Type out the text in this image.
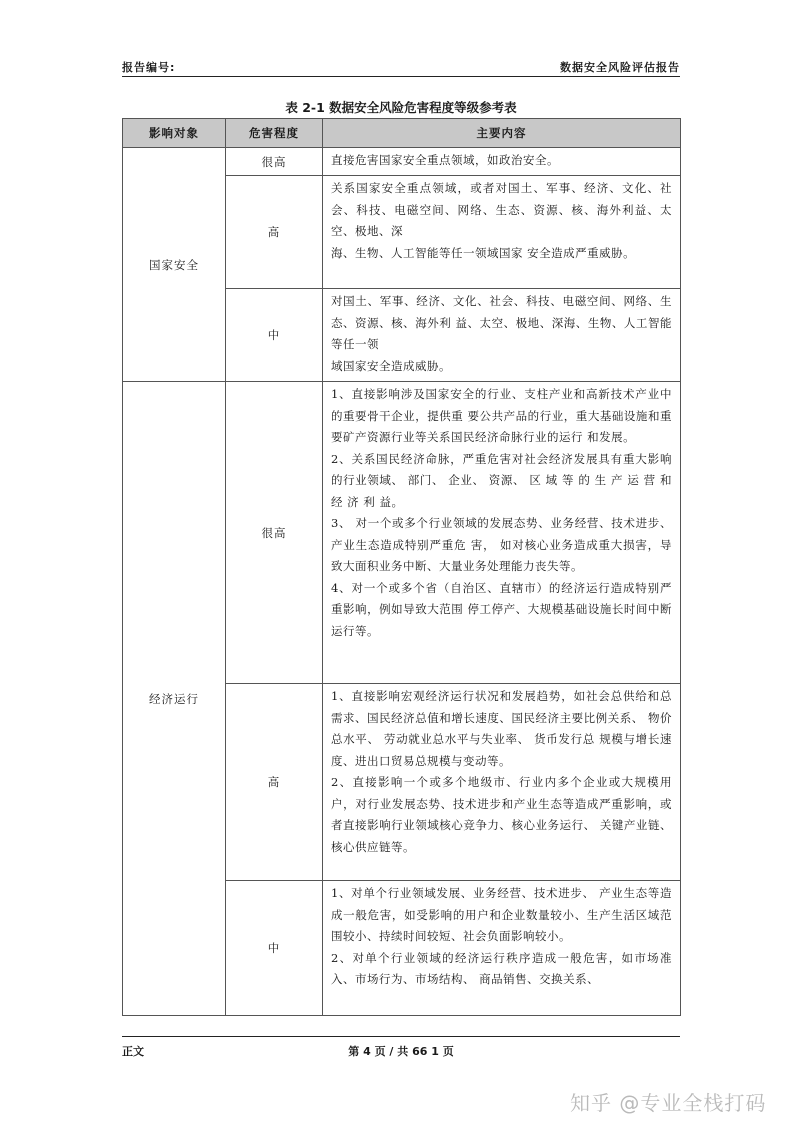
报告编号:	数据安全风险评估报告
表 2-1 数据安全风险危害程度等级参考表
影响对象	危害程度	主要内容
国家安全	很高	直接危害国家安全重点领域，如政治安全。

	高	关系国家安全重点领域，或者对国土、军事、经济、文化、社会、科技、电磁空间、网络、生态、资源、核、海外利益、太空、极地、深

海、生物、人工智能等任一领域国家 安全造成严重威胁。

	中	对国土、军事、经济、文化、社会、科技、电磁空间、网络、生态、资源、核、海外利 益、太空、极地、深海、生物、人工智能等任一领

域国家安全造成威胁。

经济运行	很高	1、直接影响涉及国家安全的行业、支柱产业和高新技术产业中的重要骨干企业，提供重 要公共产品的行业，重大基础设施和重要矿产资源行业等关系国民经济命脉行业的运行 和发展。

2、关系国民经济命脉，严重危害对社会经济发展具有重大影响的行业领域、 部门、 企业、 资源、 区 域 等 的 生 产 运 营 和 经 济 利 益。

3、 对一个或多个行业领域的发展态势、业务经营、技术进步、 产业生态造成特别严重危 害， 如对核心业务造成重大损害，导致大面积业务中断、大量业务处理能力丧失等。

4、对一个或多个省（自治区、直辖市）的经济运行造成特别严重影响，例如导致大范围 停工停产、大规模基础设施长时间中断运行等。

	高	1、直接影响宏观经济运行状况和发展趋势，如社会总供给和总需求、国民经济总值和增长速度、国民经济主要比例关系、 物价总水平、 劳动就业总水平与失业率、 货币发行总 规模与增长速度、进出口贸易总规模与变动等。

2、直接影响一个或多个地级市、行业内多个企业或大规模用户，对行业发展态势、技术进步和产业生态等造成严重影响，或者直接影响行业领域核心竞争力、核心业务运行、 关键产业链、核心供应链等。

	中	1、对单个行业领域发展、业务经营、技术进步、 产业生态等造成一般危害，如受影响的用户和企业数量较小、生产生活区域范围较小、持续时间较短、社会负面影响较小。

2、对单个行业领域的经济运行秩序造成一般危害，如市场准入、市场行为、市场结构、 商品销售、交换关系、

正文	第 4 页 / 共 66 1 页
知乎 @专业全栈打码
